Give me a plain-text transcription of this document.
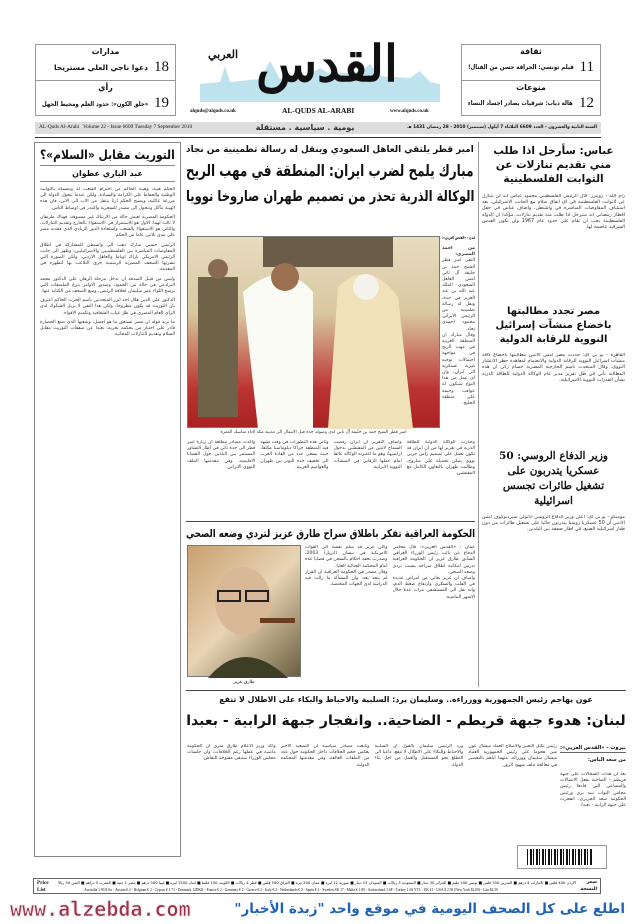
مدارات
18
دعوا ناجي العلي مستريحا
رأي
19
«خلق الكون»: حدود العلم ومحيط الجهل
ثقافة
11
فيلم تونسي: الحراقة حسن من القتال!
منوعات
12
هالة دياب: شرقيات يصادر اجساد النساء
القدس
العربي
AL-QUDS AL-ARABI
alquds@alquds.co.uk	www.alquds.co.uk
AL-Quds Al-Arabi   Volume 22 - Issue 6609 Tuesday 7 September 2010	يومية . سياسية . مستقلة	السنة الثانية والعشرون - العدد 6609 الثلاثاء 7 أيلول (سبتمبر) 2010 - 28 رمضان 1431 هـ
التوريث مقابل «السلام»؟
عبد الباري عطوان

الحكم هيبة، وهيبة الحاكم من احترام الشعب له وتمسكه بالثوابت الوطنية والحفاظ على الكرامة والسيادة، ولكن عندما تتحول الدولة الى مزرعة عائلية، ويصبح الحكم ارثا يتنقل من الاب الى الابن، فان هذه الهيبة تتآكل وتتحول الى مصدر للسخرية والتندر في اوساط الناس.

الحكومة المصرية تعيش حالة من الارتباك غير مسبوقة، فهناك طريقان لا ثالث لهما: الاول هو الاستمرار في الاستقواء بالخارج وتقديم التنازلات، والثاني هو الاستقواء بالشعب واستعادة الدور الريادي الذي فقدته مصر على مدى ثلاثين عاما من الحكم.

الرئيس حسني مبارك ذهب الى واشنطن للمشاركة في اطلاق المفاوضات المباشرة بين الفلسطينيين والاسرائيليين، وظهر الى جانب الرئيس الامريكي باراك اوباما والعاهل الاردني، ولكن الصورة التي نشرتها الصحف المصرية الرسمية جرى التلاعب بها لتظهره في المقدمة.

وليس من قبيل الصدفة ان تدخل مرحلة الرهان على الدكتور محمد البرادعي في حالة من الجمود، وصدور الاوامر بنزع الملصقات التي ترشح اللواء عمر سليمان لخلافة الرئيس، ومنع الصحف من الكتابة عنها.

الدكتور علي الدين هلال احد ابرز المتحدثين باسم الحزب الحاكم اعترف بان التوريث قد يكون مطروحا، ولكن هذا النفي لا يزيل الشكوك لدى الرأي العام المصري في ظل غياب الشفافية وتكميم الافواه.

ما نريد قوله ان مصر تستحق ما هو افضل، وشعبها الذي صنع الحضارة قادر على اختيار من يحكمه بحرية، بعيدا عن صفقات التوريث مقابل السلام وتقديم التنازلات المجانية.

امير قطر يلتقي العاهل السعودي وينقل له رسالة تطمينية من نجاد
مبارك يلمح لضرب ايران: المنطقة في مهب الريح
الوكالة الذرية تحذر من تصميم طهران صاروخا نوويا
امير قطر الشيخ حمد بن خليفة آل ثاني لدى وصوله جدة قبل الانتقال الى مدينة مكة لاداء مناسك العمرة
لندن - «القدس العربي»:

من احمد المصري:

التقى امير قطر الشيخ حمد بن خليفة آل ثاني امس العاهل السعودي الملك عبد الله بن عبد العزيز في جدة، ونقل له رسالة تطمينية من الرئيس الايراني محمود احمدي نجاد.

وقال مبارك ان المنطقة العربية في مهب الريح في مواجهة احتمالات توجيه ضربة عسكرية الى ايران، وان اي عمل من هذا النوع ستكون له عواقب وخيمة على منطقة الخليج.

وحذرت الوكالة الدولية للطاقة الذرية في تقرير لها من ان ايران قد تكون تعمل على تصميم رأس حربي نووي يمكن تحميله على صاروخ، وطالبت طهران بالتعاون الكامل مع المفتشين.
واضاف التقرير ان ايران رفضت السماح لاثنين من المفتشين بدخول اراضيها، وهو ما اعتبرته الوكالة عائقا امام عملها الرقابي في المنشآت النووية الايرانية.
وتأتي هذه التطورات في وقت تشهد فيه المنطقة حراكا دبلوماسيا مكثفا، حيث يسعى عدد من القادة العرب الى تخفيف حدة التوتر بين طهران والعواصم الغربية.
واكدت مصادر مطلعة ان زيارة امير قطر الى جدة تأتي في اطار التشاور المستمر بين البلدين حول القضايا الاقليمية، وفي مقدمتها الملف النووي الايراني.
الحكومة العراقية تفكر باطلاق سراح طارق عزيز لتردي وضعه الصحي
طارق عزيز

عمان - «القدس العربي»: قال محامي الدفاع عن نائب رئيس الوزراء العراقي السابق طارق عزيز ان الحكومة العراقية تدرس امكانية اطلاق سراحه بسبب تردي وضعه الصحي.

واضاف ان عزيز يعاني من امراض عديدة في القلب والسكري وارتفاع ضغط الدم، وانه نقل الى المستشفى مرات عدة خلال الاشهر الماضية.

وكان عزيز قد سلم نفسه الى القوات الامريكية في نيسان (ابريل) 2003، وصدرت بحقه احكام بالسجن في قضايا عدة امام المحكمة الجنائية العليا.

وقال مصدر في الحكومة العراقية ان القرار لم يتخذ بعد، وان المسألة ما زالت قيد الدراسة لدى الجهات المختصة.

عباس: سأرحل اذا طلب مني تقديم تنازلات عن الثوابت الفلسطينية
رام الله - رويترز: قال الرئيس الفلسطيني محمود عباس انه لن يتنازل عن الثوابت الفلسطينية في اي اتفاق سلام مع الجانب الاسرائيلي، بعد استئناف المفاوضات المباشرة في واشنطن. واضاف عباس في حفل افطار رمضاني انه سيرحل اذا طلب منه تقديم تنازلات، مؤكدا ان الدولة الفلسطينية يجب ان تقام على حدود عام 1967 وان تكون القدس الشرقية عاصمة لها.
مصر تجدد مطالبتها باخضاع منشآت إسرائيل النووية للرقابة الدولية
القاهرة - يو بي آي: جددت مصر امس الاثنين مطالبتها باخضاع كافة منشآت اسرائيل النووية للرقابة الدولية والانضمام لمعاهدة حظر الانتشار النووي. وقال المتحدث باسم الخارجية المصرية حسام زكي ان هذه المطالبة تأتي في ظل تقرير مدير عام الوكالة الدولية للطاقة الذرية بشأن القدرات النووية الاسرائيلية.
وزير الدفاع الروسي: 50 عسكريا يتدربون على تشغيل طائرات تجسس اسرائيلية
موسكو - يو بي آي: أعلن وزير الدفاع الروسي أناتولي سيرديوكوف امس الاثنين أن 50 عسكريا روسيا يتدربون حاليا على تشغيل طائرات من دون طيار اسرائيلية الصنع، في اطار صفقة بين البلدين.
عون يهاجم رئيس الجمهورية ووزراءه.. وسليمان يرد: السلبية والاحباط والبكاء على الاطلال لا تنفع
لبنان: هدوء جبهة قريطم - الضاحية.. وانفجار جبهة الرابية - بعبدا
بيروت - «القدس العربي»:
من سعد الياس:
رئيس تكتل التغيير والاصلاح العماد ميشال عون شن هجوما على رئيس الجمهورية العماد ميشال سليمان ووزرائه، متهما اياهم بالتقصير في معالجة ملف شهود الزور.
ورد الرئيس سليمان بالقول ان السلبية والاحباط والبكاء على الاطلال لا تنفع، داعيا الى التطلع نحو المستقبل والعمل من اجل بناء الدولة.
وتابعت مصادر سياسية ان التصعيد الاخير يعكس حجم الخلافات داخل الحكومة حول عدد من الملفات العالقة، وفي مقدمتها المحكمة الدولية.
واكد وزير الاعلام طارق متري ان الحكومة ماضية في عملها رغم الخلافات، وان جلسات مجلس الوزراء ستبقى مفتوحة للنقاش.
بعد ان هدأت السجالات على جبهة قريطم - الضاحية بفعل الاتصالات والمساعي التي قادها رئيس مجلس النواب نبيه بري ورئيس الحكومة سعد الحريري، انفجرت على جبهة الرابية - بعبدا.
Price List
سعر النسخة
الاردن 400 فلس ■ الامارات 4 درهم ■ البحرين 350 فلس ■ تونس 100 مليم ■ الجزائر 30 دينار ■ السعودية 3 ريالات ■ السودان 15 دينار ■ سورية 12 ليرة ■ عمان 200 بيزة ■ العراق 500 فلس ■ قطر 4 ريالات ■ الكويت 150 فلسا ■ لبنان 1500 ليرة ■ ليبيا 500 درهم ■ مصر 1 جنيه ■ المغرب 5 دراهم ■ اليمن 50 ريالا
Australia 1.90 $ Au - Austria € 2 - Belgium € 2 - Cyprus € 1.71 - Denmark 12DKK - France € 2 - Germany € 2 - Greece € 2 - Italy € 2 - Netherlands € 2 - Spain € 2 - Sweden SK 17 - Malta € 1.80 - Switzerland 3 SF - Turkey 1.60 YTL - UK £1 - USA $ 2.50 (New York $2.00) - Can $2.50
www.alzebda.com	اطلع على كل الصحف اليومية في موقع واحد "زبدة الأخبار"
